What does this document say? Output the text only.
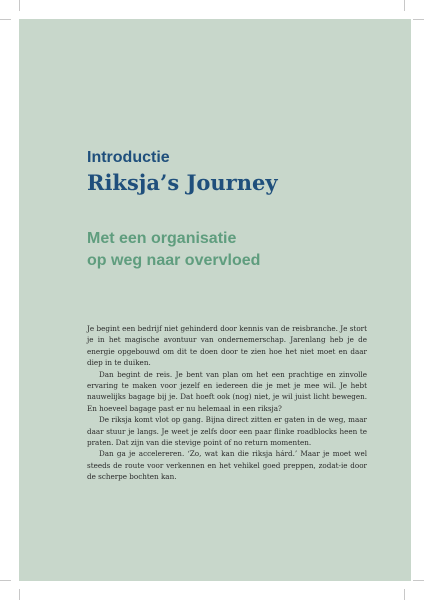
Introductie
Riksja’s Journey
Met een organisatie
op weg naar overvloed

Je begint een bedrijf niet gehinderd door kennis van de reisbranche. Je stort je in het magische avontuur van ondernemerschap. Jarenlang heb je de energie opgebouwd om dit te doen door te zien hoe het niet moet en daar diep in te duiken.

Dan begint de reis. Je bent van plan om het een prachtige en zinvolle ervaring te maken voor jezelf en iedereen die je met je mee wil. Je hebt nauwelijks bagage bij je. Dat hoeft ook (nog) niet, je wil juist licht bewegen. En hoeveel bagage past er nu helemaal in een riksja?

De riksja komt vlot op gang. Bijna direct zitten er gaten in de weg, maar daar stuur je langs. Je weet je zelfs door een paar flinke roadblocks heen te praten. Dat zijn van die stevige point of no return momenten.

Dan ga je accelereren. ‘Zo, wat kan die riksja hárd.’ Maar je moet wel steeds de route voor verkennen en het vehikel goed preppen, zodat-ie door de scherpe bochten kan.
